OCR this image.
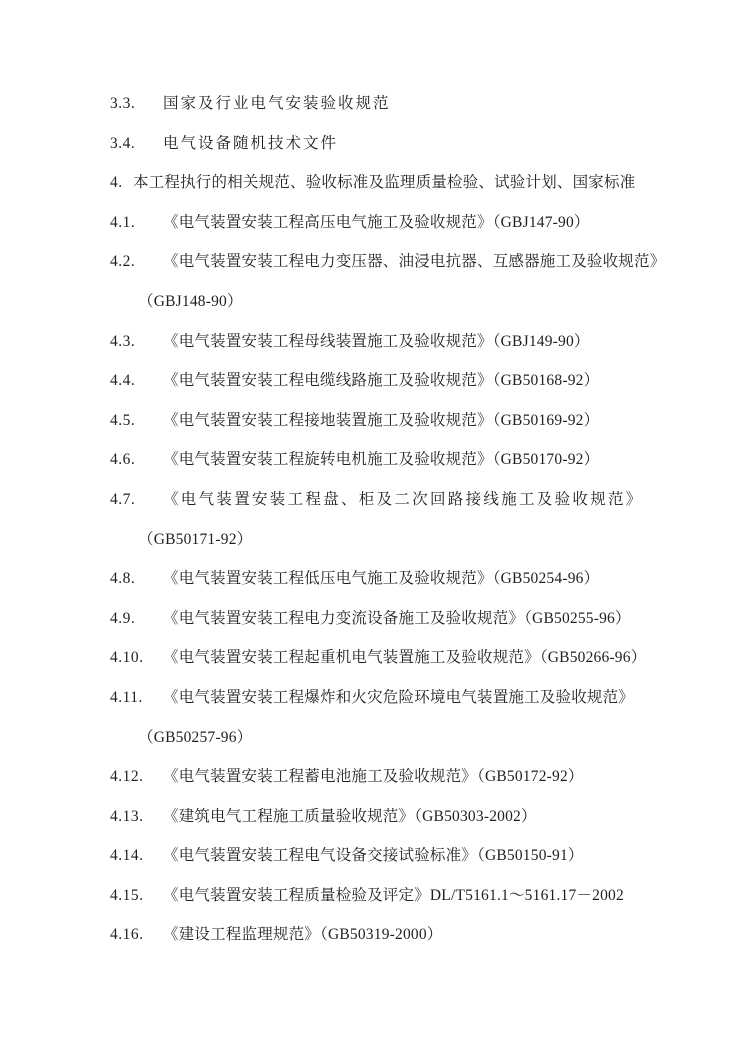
3.3. 国家及行业电气安装验收规范
3.4. 电气设备随机技术文件
4. 本工程执行的相关规范、验收标准及监理质量检验、试验计划、国家标准
4.1. 《电气装置安装工程高压电气施工及验收规范》（GBJ147-90）
4.2. 《电气装置安装工程电力变压器、油浸电抗器、互感器施工及验收规范》
（GBJ148-90）
4.3. 《电气装置安装工程母线装置施工及验收规范》（GBJ149-90）
4.4. 《电气装置安装工程电缆线路施工及验收规范》（GB50168-92）
4.5. 《电气装置安装工程接地装置施工及验收规范》（GB50169-92）
4.6. 《电气装置安装工程旋转电机施工及验收规范》（GB50170-92）
4.7. 《电气装置安装工程盘、柜及二次回路接线施工及验收规范》
（GB50171-92）
4.8. 《电气装置安装工程低压电气施工及验收规范》（GB50254-96）
4.9. 《电气装置安装工程电力变流设备施工及验收规范》（GB50255-96）
4.10. 《电气装置安装工程起重机电气装置施工及验收规范》（GB50266-96）
4.11. 《电气装置安装工程爆炸和火灾危险环境电气装置施工及验收规范》
（GB50257-96）
4.12. 《电气装置安装工程蓄电池施工及验收规范》（GB50172-92）
4.13. 《建筑电气工程施工质量验收规范》（GB50303-2002）
4.14. 《电气装置安装工程电气设备交接试验标准》（GB50150-91）
4.15. 《电气装置安装工程质量检验及评定》DL/T5161.1～5161.17－2002
4.16. 《建设工程监理规范》（GB50319-2000）
